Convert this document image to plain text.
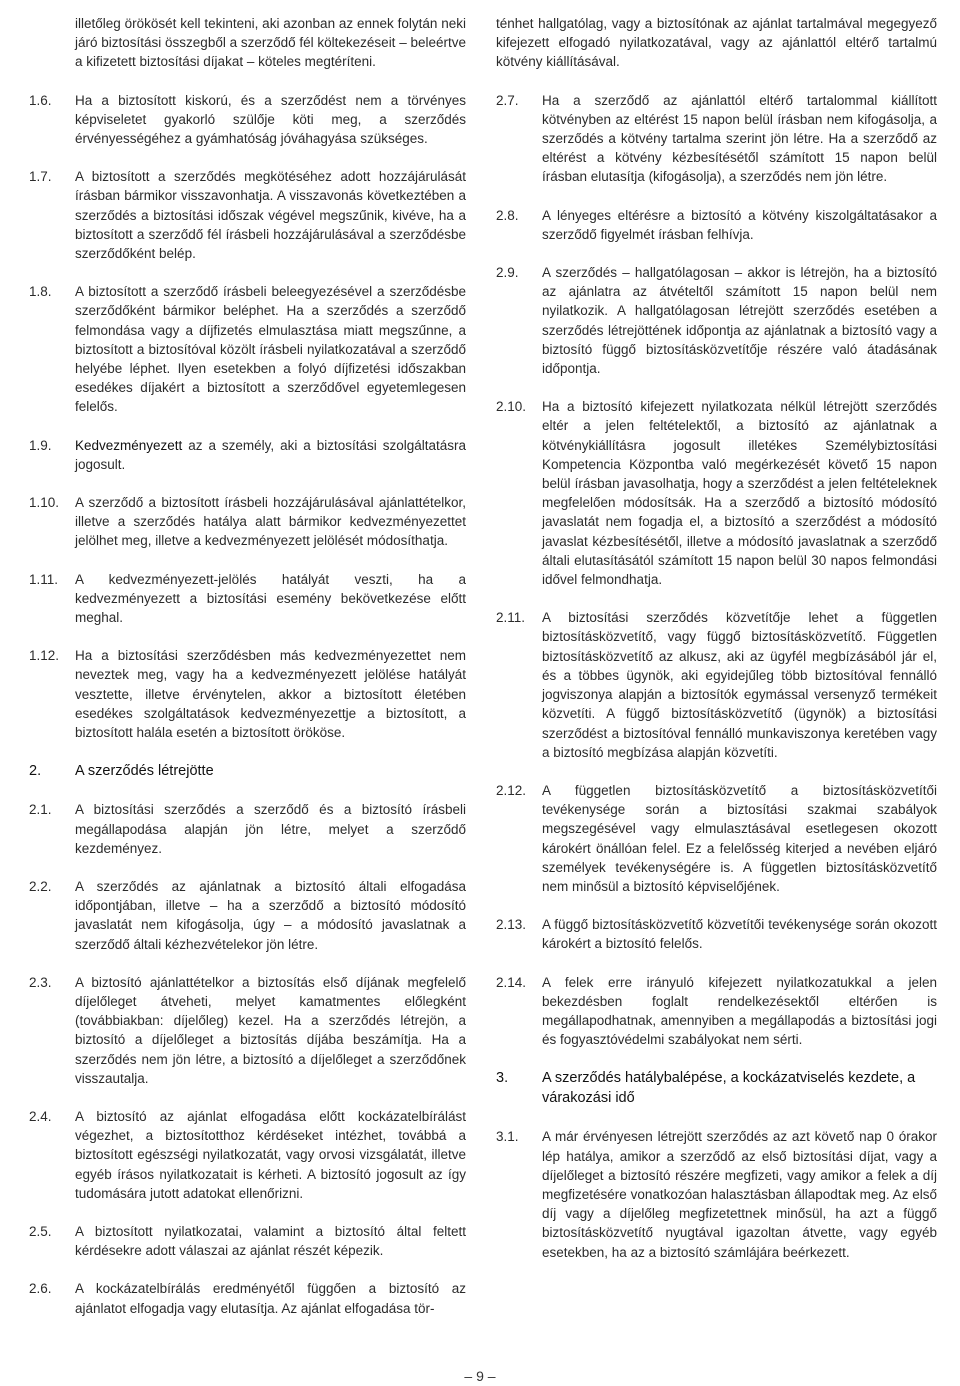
illetőleg örökösét kell tekinteni, aki azonban az ennek folytán neki járó biztosítási összegből a szerződő fél költekezéseit – beleértve a kifizetett biztosítási díjakat – köteles megtéríteni.
1.6.	Ha a biztosított kiskorú, és a szerződést nem a törvényes képviseletet gyakorló szülője köti meg, a szerződés érvényességéhez a gyámhatóság jóváhagyása szükséges.
1.7.	A biztosított a szerződés megkötéséhez adott hozzájárulását írásban bármikor visszavonhatja. A visszavonás következtében a szerződés a biztosítási időszak végével megszűnik, kivéve, ha a biztosított a szerződő fél írásbeli hozzájárulásával a szerződésbe szerződőként belép.
1.8.	A biztosított a szerződő írásbeli beleegyezésével a szerződésbe szerződőként bármikor beléphet. Ha a szerződés a szerződő felmondása vagy a díjfizetés elmulasztása miatt megszűnne, a biztosított a biztosítóval közölt írásbeli nyilatkozatával a szerződő helyébe léphet. Ilyen esetekben a folyó díjfizetési időszakban esedékes díjakért a biztosított a szerződővel egyetemlegesen felelős.
1.9.	Kedvezményezett az a személy, aki a biztosítási szolgáltatásra jogosult.
1.10.	A szerződő a biztosított írásbeli hozzájárulásával ajánlattételkor, illetve a szerződés hatálya alatt bármikor kedvezményezettet jelölhet meg, illetve a kedvezményezett jelölését módosíthatja.
1.11.	A kedvezményezett-jelölés hatályát veszti, ha a kedvezményezett a biztosítási esemény bekövetkezése előtt meghal.
1.12.	Ha a biztosítási szerződésben más kedvezményezettet nem neveztek meg, vagy ha a kedvezményezett jelölése hatályát vesztette, illetve érvénytelen, akkor a biztosított életében esedékes szolgáltatások kedvezményezettje a biztosított, a biztosított halála esetén a biztosított örököse.
2.	A szerződés létrejötte
2.1.	A biztosítási szerződés a szerződő és a biztosító írásbeli megállapodása alapján jön létre, melyet a szerződő kezdeményez.
2.2.	A szerződés az ajánlatnak a biztosító általi elfogadása időpontjában, illetve – ha a szerződő a biztosító módosító javaslatát nem kifogásolja, úgy – a módosító javaslatnak a szerződő általi kézhezvételekor jön létre.
2.3.	A biztosító ajánlattételkor a biztosítás első díjának megfelelő díjelőleget átveheti, melyet kamatmentes előlegként (továbbiakban: díjelőleg) kezel. Ha a szerződés létrejön, a biztosító a díjelőleget a biztosítás díjába beszámítja. Ha a szerződés nem jön létre, a biztosító a díjelőleget a szerződőnek visszautalja.
2.4.	A biztosító az ajánlat elfogadása előtt kockázatelbírálást végezhet, a biztosítotthoz kérdéseket intézhet, továbbá a biztosított egészségi nyilatkozatát, vagy orvosi vizsgálatát, illetve egyéb írásos nyilatkozatait is kérheti. A biztosító jogosult az így tudomására jutott adatokat ellenőrizni.
2.5.	A biztosított nyilatkozatai, valamint a biztosító által feltett kérdésekre adott válaszai az ajánlat részét képezik.
2.6.	A kockázatelbírálás eredményétől függően a biztosító az ajánlatot elfogadja vagy elutasítja. Az ajánlat elfogadása tör-
ténhet hallgatólag, vagy a biztosítónak az ajánlat tartalmával megegyező kifejezett elfogadó nyilatkozatával, vagy az ajánlattól eltérő tartalmú kötvény kiállításával.
2.7.	Ha a szerződő az ajánlattól eltérő tartalommal kiállított kötvényben az eltérést 15 napon belül írásban nem kifogásolja, a szerződés a kötvény tartalma szerint jön létre. Ha a szerződő az eltérést a kötvény kézbesítésétől számított 15 napon belül írásban elutasítja (kifogásolja), a szerződés nem jön létre.
2.8.	A lényeges eltérésre a biztosító a kötvény kiszolgáltatásakor a szerződő figyelmét írásban felhívja.
2.9.	A szerződés – hallgatólagosan – akkor is létrejön, ha a biztosító az ajánlatra az átvételtől számított 15 napon belül nem nyilatkozik. A hallgatólagosan létrejött szerződés esetében a szerződés létrejöttének időpontja az ajánlatnak a biztosító vagy a biztosító függő biztosításközvetítője részére való átadásának időpontja.
2.10.	Ha a biztosító kifejezett nyilatkozata nélkül létrejött szerződés eltér a jelen feltételektől, a biztosító az ajánlatnak a kötvénykiállításra jogosult illetékes Személybiztosítási Kompetencia Központba való megérkezését követő 15 napon belül írásban javasolhatja, hogy a szerződést a jelen feltételeknek megfelelően módosítsák. Ha a szerződő a biztosító módosító javaslatát nem fogadja el, a biztosító a szerződést a módosító javaslat kézbesítésétől, illetve a módosító javaslatnak a szerződő általi elutasításától számított 15 napon belül 30 napos felmondási idővel felmondhatja.
2.11.	A biztosítási szerződés közvetítője lehet a független biztosításközvetítő, vagy függő biztosításközvetítő. Független biztosításközvetítő az alkusz, aki az ügyfél megbízásából jár el, és a többes ügynök, aki egyidejűleg több biztosítóval fennálló jogviszonya alapján a biztosítók egymással versenyző termékeit közvetíti. A függő biztosításközvetítő (ügynök) a biztosítási szerződést a biztosítóval fennálló munkaviszonya keretében vagy a biztosító megbízása alapján közvetíti.
2.12.	A független biztosításközvetítő a biztosításközvetítői tevékenysége során a biztosítási szakmai szabályok megszegésével vagy elmulasztásával esetlegesen okozott károkért önállóan felel. Ez a felelősség kiterjed a nevében eljáró személyek tevékenységére is. A független biztosításközvetítő nem minősül a biztosító képviselőjének.
2.13.	A függő biztosításközvetítő közvetítői tevékenysége során okozott károkért a biztosító felelős.
2.14.	A felek erre irányuló kifejezett nyilatkozatukkal a jelen bekezdésben foglalt rendelkezésektől eltérően is megállapodhatnak, amennyiben a megállapodás a biztosítási jogi és fogyasztóvédelmi szabályokat nem sérti.
3.	A szerződés hatálybalépése, a kockázatviselés kezdete, a várakozási idő
3.1.	A már érvényesen létrejött szerződés az azt követő nap 0 órakor lép hatálya, amikor a szerződő az első biztosítási díjat, vagy a díjelőleget a biztosító részére megfizeti, vagy amikor a felek a díj megfizetésére vonatkozóan halasztásban állapodtak meg. Az első díj vagy a díjelőleg megfizetettnek minősül, ha azt a függő biztosításközvetítő nyugtával igazoltan átvette, vagy egyéb esetekben, ha az a biztosító számlájára beérkezett.
– 9 –
